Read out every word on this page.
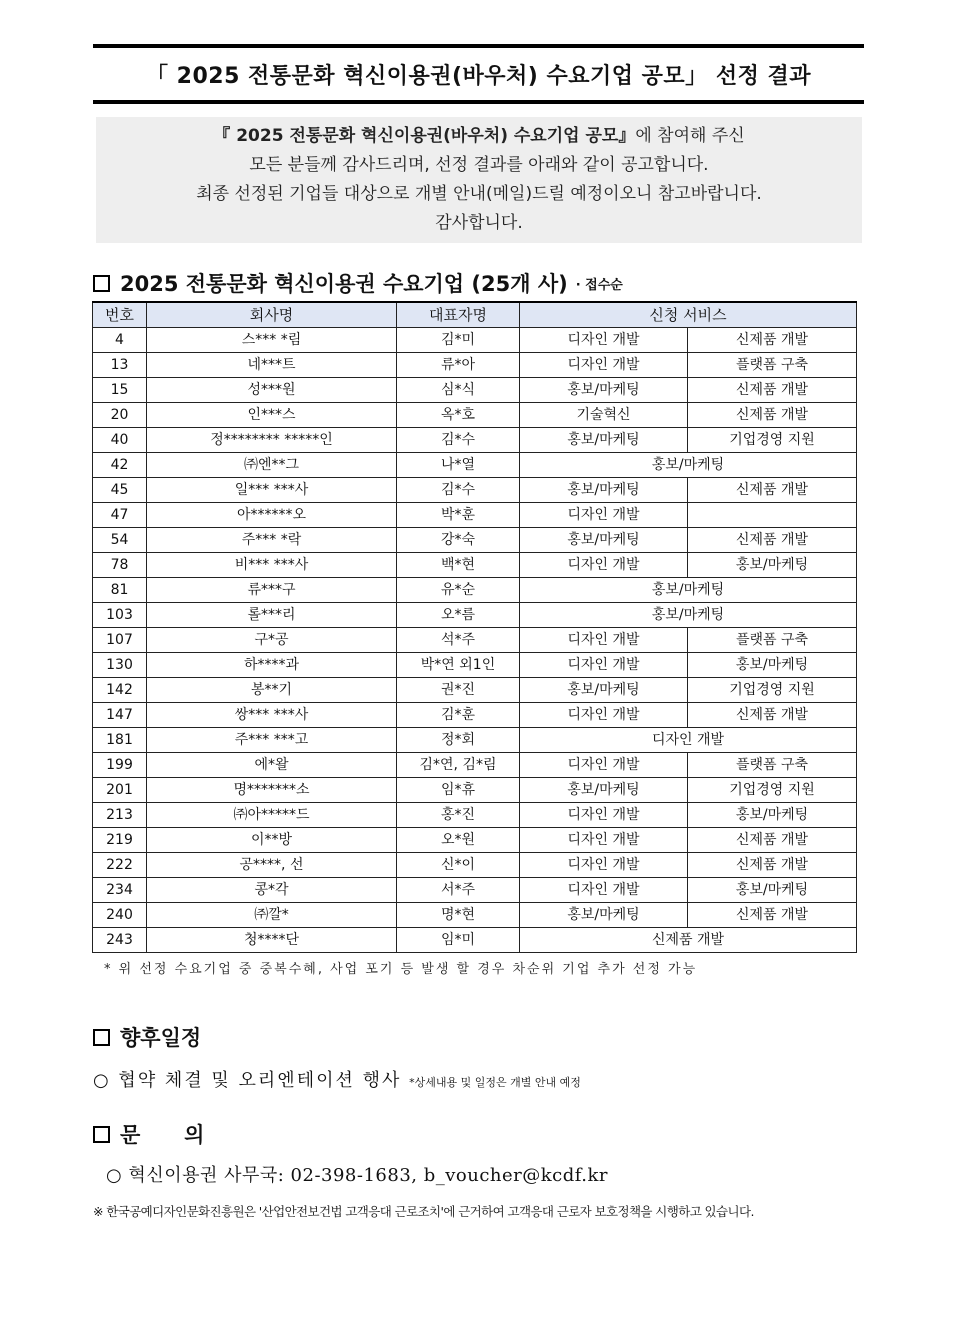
「 2025 전통문화 혁신이용권(바우처) 수요기업 공모」 선정 결과
『 2025 전통문화 혁신이용권(바우처) 수요기업 공모』에 참여해 주신
모든 분들께 감사드리며, 선정 결과를 아래와 같이 공고합니다.
최종 선정된 기업들 대상으로 개별 안내(메일)드릴 예정이오니 참고바랍니다.
감사합니다.
2025 전통문화 혁신이용권 수요기업 (25개 사) · 접수순
번호	회사명	대표자명	신청 서비스	
4	스*** *림	김*미	디자인 개발	신제품 개발
13	네***트	류*아	디자인 개발	플랫폼 구축
15	성***원	심*식	홍보/마케팅	신제품 개발
20	인***스	옥*호	기술혁신	신제품 개발
40	정******** *****인	김*수	홍보/마케팅	기업경영 지원
42	㈜엔**그	나*열	홍보/마케팅	
45	일*** ***사	김*수	홍보/마케팅	신제품 개발
47	아******오	박*훈	디자인 개발	
54	주*** *락	강*숙	홍보/마케팅	신제품 개발
78	비*** ***사	백*현	디자인 개발	홍보/마케팅
81	류***구	유*순	홍보/마케팅	
103	롤***리	오*름	홍보/마케팅	
107	구*공	석*주	디자인 개발	플랫폼 구축
130	하****과	박*연 외1인	디자인 개발	홍보/마케팅
142	봉**기	권*진	홍보/마케팅	기업경영 지원
147	쌍*** ***사	김*훈	디자인 개발	신제품 개발
181	주*** ***고	정*회	디자인 개발	
199	에*왈	김*연, 김*림	디자인 개발	플랫폼 구축
201	명*******소	임*휴	홍보/마케팅	기업경영 지원
213	㈜아*****드	홍*진	디자인 개발	홍보/마케팅
219	이**방	오*원	디자인 개발	신제품 개발
222	공****, 선	신*이	디자인 개발	신제품 개발
234	콩*각	서*주	디자인 개발	홍보/마케팅
240	㈜깔*	명*현	홍보/마케팅	신제품 개발
243	청****단	임*미	신제품 개발	
* 위 선정 수요기업 중 중복수혜, 사업 포기 등 발생 할 경우 차순위 기업 추가 선정 가능
향후일정
○ 협약 체결 및 오리엔테이션 행사 *상세내용 및 일정은 개별 안내 예정
문      의
○ 혁신이용권 사무국: 02-398-1683, b_voucher@kcdf.kr
※ 한국공예디자인문화진흥원은 '산업안전보건법 고객응대 근로조치'에 근거하여 고객응대 근로자 보호정책을 시행하고 있습니다.
